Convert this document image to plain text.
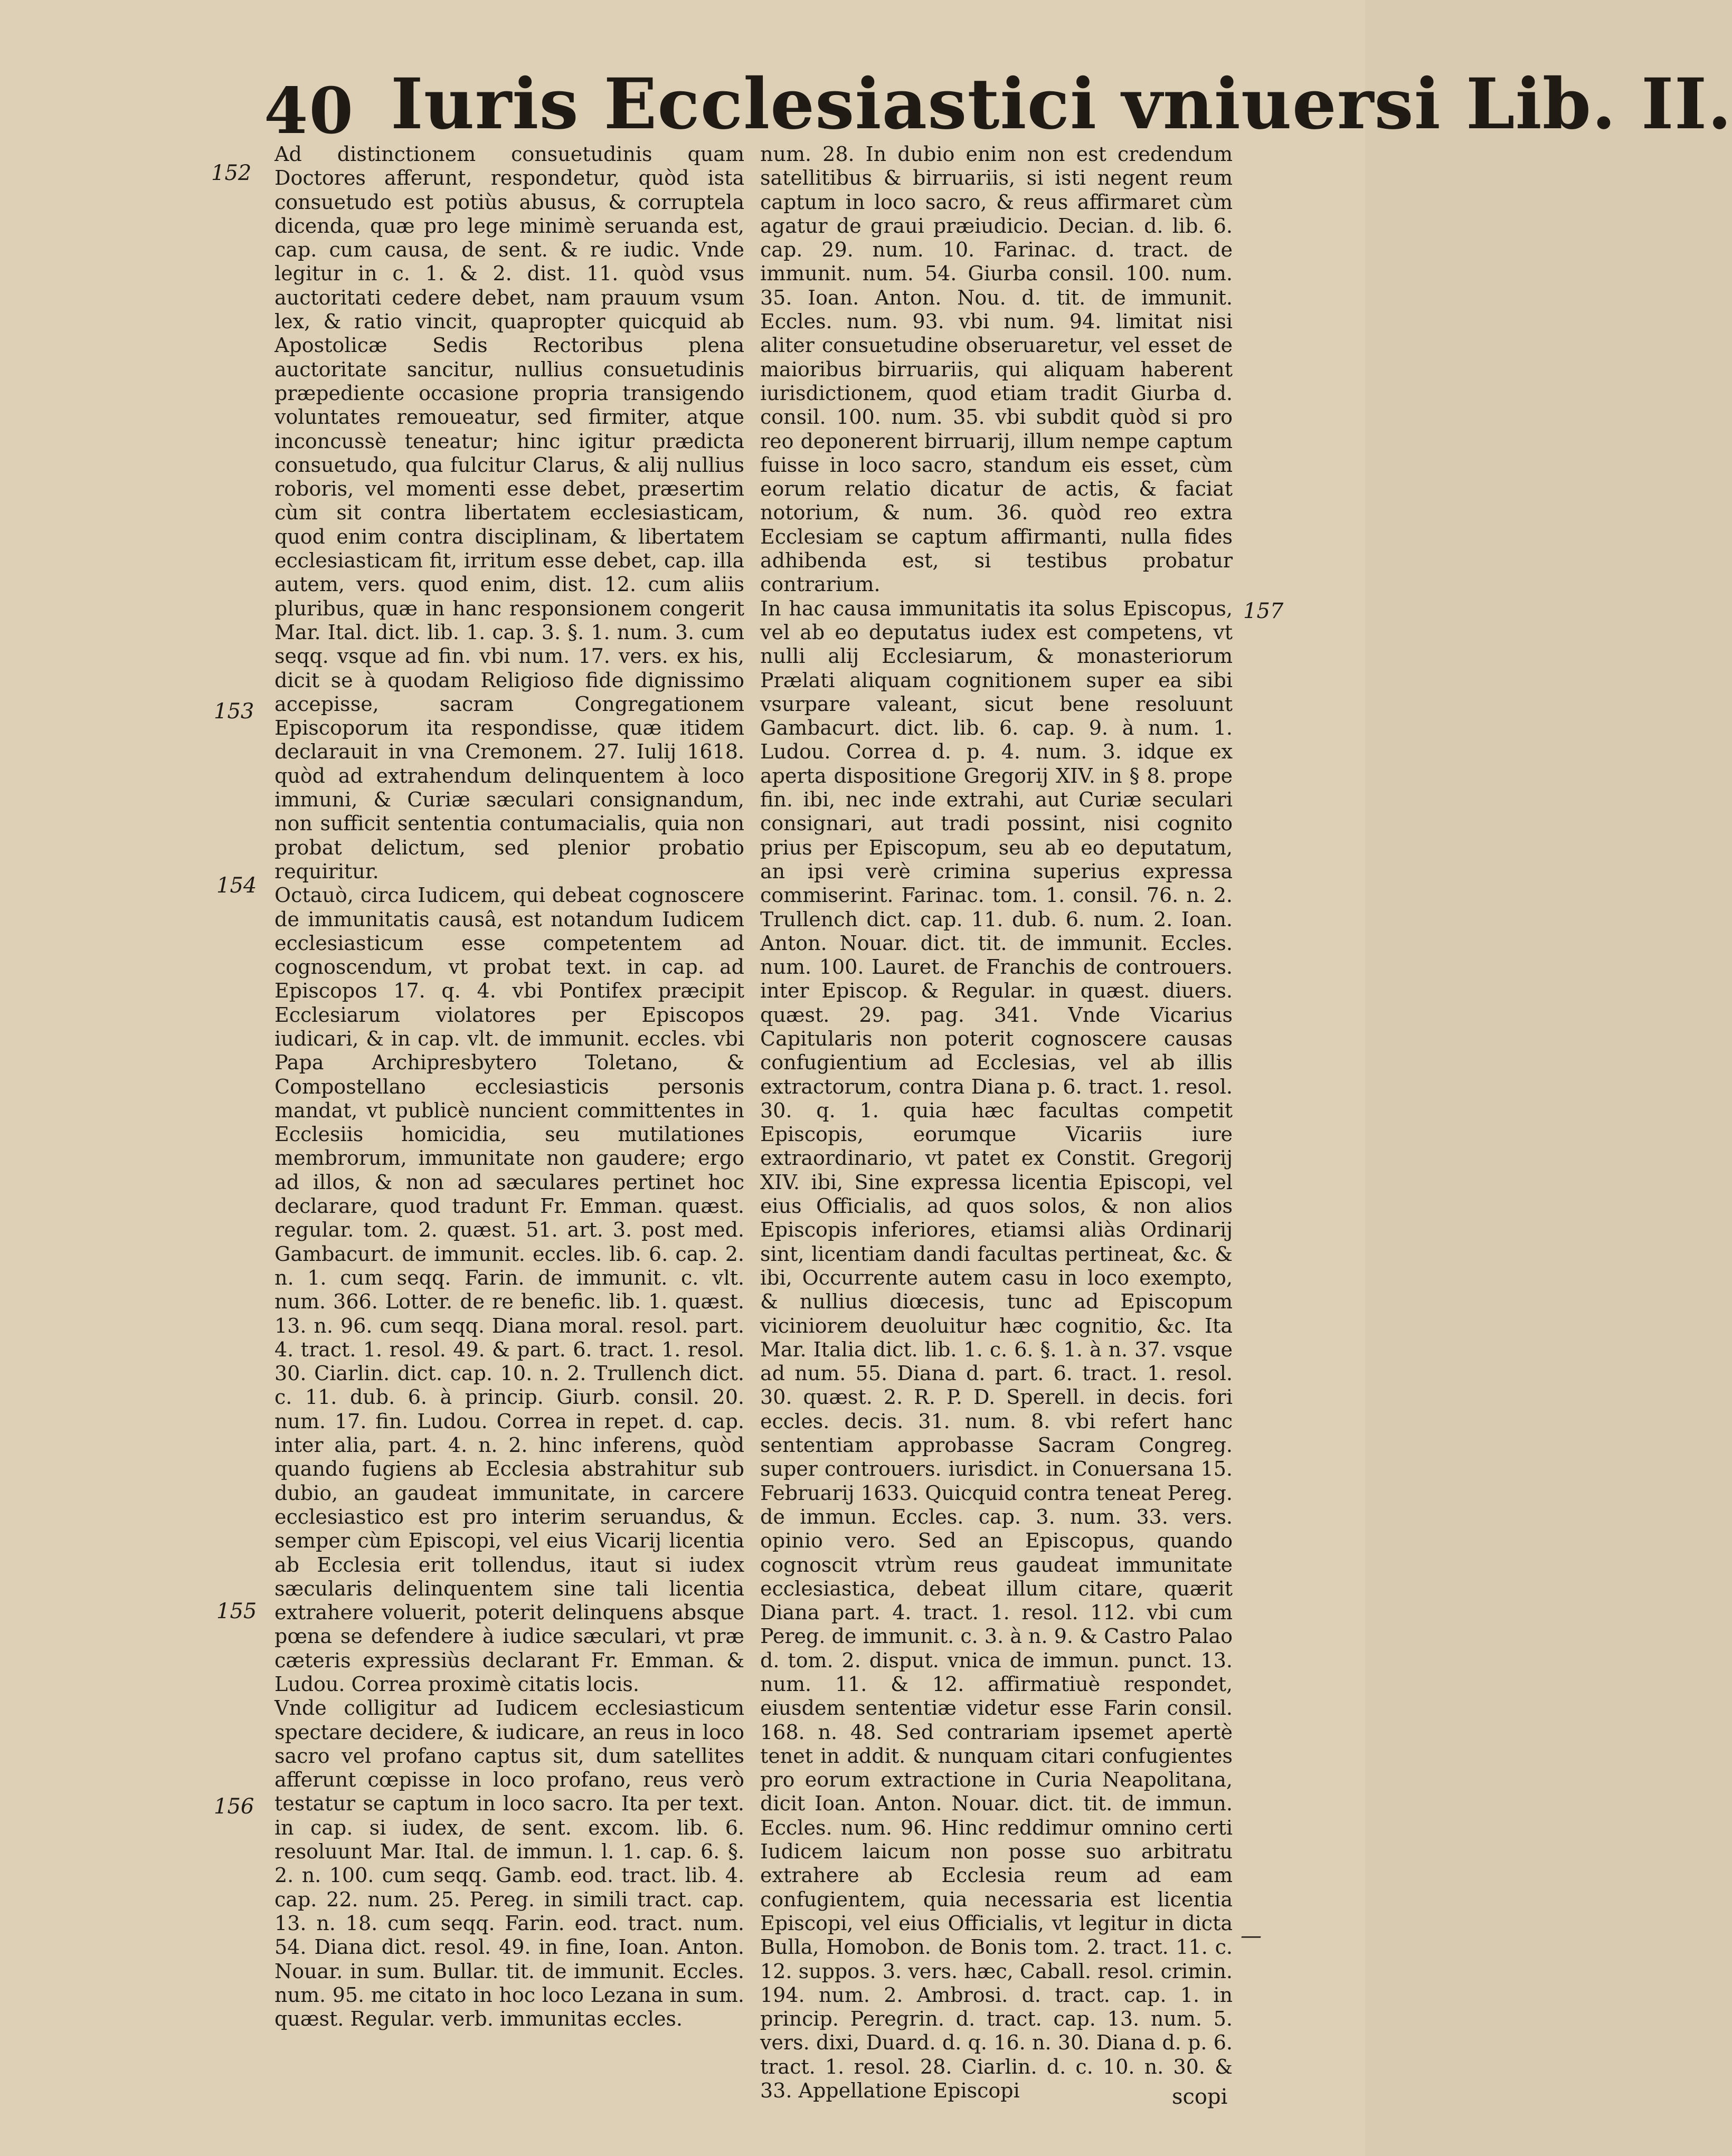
40 Iuris Ecclesiastici vniuersi Lib. II.
152
153
154
155
156
157
—
Ad distinctionem consuetudinis quam Doctores afferunt, respondetur, quòd ista consuetudo est potiùs abusus, & corruptela dicenda, quæ pro lege minimè seruanda est, cap. cum causa, de sent. & re iudic. Vnde legitur in c. 1. & 2. dist. 11. quòd vsus auctoritati cedere debet, nam prauum vsum lex, & ratio vincit, quapropter quicquid ab Apostolicæ Sedis Rectoribus plena auctoritate sancitur, nullius consuetudinis præpediente occasione propria transigendo voluntates remoueatur, sed firmiter, atque inconcussè teneatur; hinc igitur prædicta consuetudo, qua fulcitur Clarus, & alij nullius roboris, vel momenti esse debet, præsertim cùm sit contra libertatem ecclesiasticam, quod enim contra disciplinam, & libertatem ecclesiasticam fit, irritum esse debet, cap. illa autem, vers. quod enim, dist. 12. cum aliis pluribus, quæ in hanc responsionem congerit Mar. Ital. dict. lib. 1. cap. 3. §. 1. num. 3. cum seqq. vsque ad fin. vbi num. 17. vers. ex his, dicit se à quodam Religioso fide dignissimo accepisse, sacram Congregationem Episcoporum ita respondisse, quæ itidem declarauit in vna Cremonem. 27. Iulij 1618. quòd ad extrahendum delinquentem à loco immuni, & Curiæ sæculari consignandum, non sufficit sententia contumacialis, quia non probat delictum, sed plenior probatio requiritur.
Octauò, circa Iudicem, qui debeat cognoscere de immunitatis causâ, est notandum Iudicem ecclesiasticum esse competentem ad cognoscendum, vt probat text. in cap. ad Episcopos 17. q. 4. vbi Pontifex præcipit Ecclesiarum violatores per Episcopos iudicari, & in cap. vlt. de immunit. eccles. vbi Papa Archipresbytero Toletano, & Compostellano ecclesiasticis personis mandat, vt publicè nuncient committentes in Ecclesiis homicidia, seu mutilationes membrorum, immunitate non gaudere; ergo ad illos, & non ad sæculares pertinet hoc declarare, quod tradunt Fr. Emman. quæst. regular. tom. 2. quæst. 51. art. 3. post med. Gambacurt. de immunit. eccles. lib. 6. cap. 2. n. 1. cum seqq. Farin. de immunit. c. vlt. num. 366. Lotter. de re benefic. lib. 1. quæst. 13. n. 96. cum seqq. Diana moral. resol. part. 4. tract. 1. resol. 49. & part. 6. tract. 1. resol. 30. Ciarlin. dict. cap. 10. n. 2. Trullench dict. c. 11. dub. 6. à princip. Giurb. consil. 20. num. 17. fin. Ludou. Correa in repet. d. cap. inter alia, part. 4. n. 2. hinc inferens, quòd quando fugiens ab Ecclesia abstrahitur sub dubio, an gaudeat immunitate, in carcere ecclesiastico est pro interim seruandus, & semper cùm Episcopi, vel eius Vicarij licentia ab Ecclesia erit tollendus, itaut si iudex sæcularis delinquentem sine tali licentia extrahere voluerit, poterit delinquens absque pœna se defendere à iudice sæculari, vt præ cæteris expressiùs declarant Fr. Emman. & Ludou. Correa proximè citatis locis.
Vnde colligitur ad Iudicem ecclesiasticum spectare decidere, & iudicare, an reus in loco sacro vel profano captus sit, dum satellites afferunt cœpisse in loco profano, reus verò testatur se captum in loco sacro. Ita per text. in cap. si iudex, de sent. excom. lib. 6. resoluunt Mar. Ital. de immun. l. 1. cap. 6. §. 2. n. 100. cum seqq. Gamb. eod. tract. lib. 4. cap. 22. num. 25. Pereg. in simili tract. cap. 13. n. 18. cum seqq. Farin. eod. tract. num. 54. Diana dict. resol. 49. in fine, Ioan. Anton. Nouar. in sum. Bullar. tit. de immunit. Eccles. num. 95. me citato in hoc loco Lezana in sum. quæst. Regular. verb. immunitas eccles.
num. 28. In dubio enim non est credendum satellitibus & birruariis, si isti negent reum captum in loco sacro, & reus affirmaret cùm agatur de graui præiudicio. Decian. d. lib. 6. cap. 29. num. 10. Farinac. d. tract. de immunit. num. 54. Giurba consil. 100. num. 35. Ioan. Anton. Nou. d. tit. de immunit. Eccles. num. 93. vbi num. 94. limitat nisi aliter consuetudine obseruaretur, vel esset de maioribus birruariis, qui aliquam haberent iurisdictionem, quod etiam tradit Giurba d. consil. 100. num. 35. vbi subdit quòd si pro reo deponerent birruarij, illum nempe captum fuisse in loco sacro, standum eis esset, cùm eorum relatio dicatur de actis, & faciat notorium, & num. 36. quòd reo extra Ecclesiam se captum affirmanti, nulla fides adhibenda est, si testibus probatur contrarium.
In hac causa immunitatis ita solus Episcopus, vel ab eo deputatus iudex est competens, vt nulli alij Ecclesiarum, & monasteriorum Prælati aliquam cognitionem super ea sibi vsurpare valeant, sicut bene resoluunt Gambacurt. dict. lib. 6. cap. 9. à num. 1. Ludou. Correa d. p. 4. num. 3. idque ex aperta dispositione Gregorij XIV. in § 8. prope fin. ibi, nec inde extrahi, aut Curiæ seculari consignari, aut tradi possint, nisi cognito prius per Episcopum, seu ab eo deputatum, an ipsi verè crimina superius expressa commiserint. Farinac. tom. 1. consil. 76. n. 2. Trullench dict. cap. 11. dub. 6. num. 2. Ioan. Anton. Nouar. dict. tit. de immunit. Eccles. num. 100. Lauret. de Franchis de controuers. inter Episcop. & Regular. in quæst. diuers. quæst. 29. pag. 341. Vnde Vicarius Capitularis non poterit cognoscere causas confugientium ad Ecclesias, vel ab illis extractorum, contra Diana p. 6. tract. 1. resol. 30. q. 1. quia hæc facultas competit Episcopis, eorumque Vicariis iure extraordinario, vt patet ex Constit. Gregorij XIV. ibi, Sine expressa licentia Episcopi, vel eius Officialis, ad quos solos, & non alios Episcopis inferiores, etiamsi aliàs Ordinarij sint, licentiam dandi facultas pertineat, &c. & ibi, Occurrente autem casu in loco exempto, & nullius diœcesis, tunc ad Episcopum viciniorem deuoluitur hæc cognitio, &c. Ita Mar. Italia dict. lib. 1. c. 6. §. 1. à n. 37. vsque ad num. 55. Diana d. part. 6. tract. 1. resol. 30. quæst. 2. R. P. D. Sperell. in decis. fori eccles. decis. 31. num. 8. vbi refert hanc sententiam approbasse Sacram Congreg. super controuers. iurisdict. in Conuersana 15. Februarij 1633. Quicquid contra teneat Pereg. de immun. Eccles. cap. 3. num. 33. vers. opinio vero. Sed an Episcopus, quando cognoscit vtrùm reus gaudeat immunitate ecclesiastica, debeat illum citare, quærit Diana part. 4. tract. 1. resol. 112. vbi cum Pereg. de immunit. c. 3. à n. 9. & Castro Palao d. tom. 2. disput. vnica de immun. punct. 13. num. 11. & 12. affirmatiuè respondet, eiusdem sententiæ videtur esse Farin consil. 168. n. 48. Sed contrariam ipsemet apertè tenet in addit. & nunquam citari confugientes pro eorum extractione in Curia Neapolitana, dicit Ioan. Anton. Nouar. dict. tit. de immun. Eccles. num. 96. Hinc reddimur omnino certi Iudicem laicum non posse suo arbitratu extrahere ab Ecclesia reum ad eam confugientem, quia necessaria est licentia Episcopi, vel eius Officialis, vt legitur in dicta Bulla, Homobon. de Bonis tom. 2. tract. 11. c. 12. suppos. 3. vers. hæc, Caball. resol. crimin. 194. num. 2. Ambrosi. d. tract. cap. 1. in princip. Peregrin. d. tract. cap. 13. num. 5. vers. dixi, Duard. d. q. 16. n. 30. Diana d. p. 6. tract. 1. resol. 28. Ciarlin. d. c. 10. n. 30. & 33. Appellatione Episcopi	scopi
